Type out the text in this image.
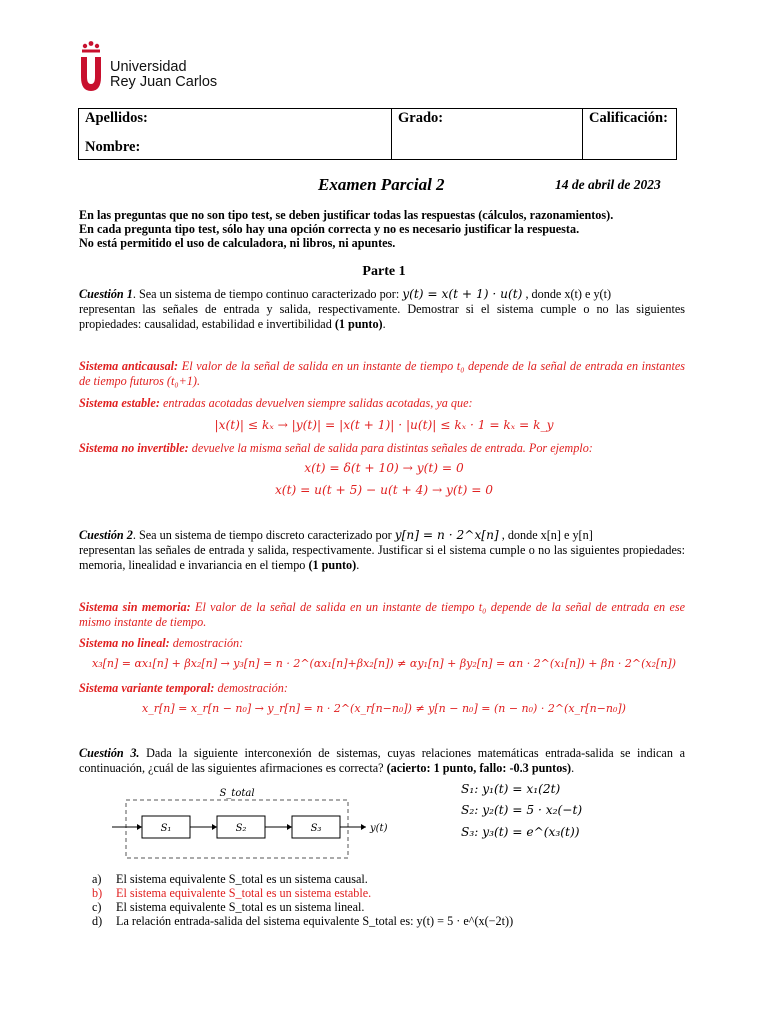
Universidad
Rey Juan Carlos
Apellidos:
Nombre:

Grado:	Calificación:
Examen Parcial 2	14 de abril de 2023
En las preguntas que no son tipo test, se deben justificar todas las respuestas (cálculos, razonamientos).
En cada pregunta tipo test, sólo hay una opción correcta y no es necesario justificar la respuesta.
No está permitido el uso de calculadora, ni libros, ni apuntes.
Parte 1
Cuestión 1. Sea un sistema de tiempo continuo caracterizado por: y(t) = x(t + 1) · u(t) , donde x(t) e y(t)
representan las señales de entrada y salida, respectivamente. Demostrar si el sistema cumple o no las siguientes propiedades: causalidad, estabilidad e invertibilidad (1 punto).
Sistema anticausal: El valor de la señal de salida en un instante de tiempo t₀ depende de la señal de entrada en instantes de tiempo futuros (t₀+1).
Sistema estable: entradas acotadas devuelven siempre salidas acotadas, ya que:
|x(t)| ≤ kₓ → |y(t)| = |x(t + 1)| · |u(t)| ≤ kₓ · 1 = kₓ = k_y
Sistema no invertible: devuelve la misma señal de salida para distintas señales de entrada. Por ejemplo:
x(t) = δ(t + 10) → y(t) = 0
x(t) = u(t + 5) − u(t + 4) → y(t) = 0
Cuestión 2. Sea un sistema de tiempo discreto caracterizado por y[n] = n · 2^x[n] , donde x[n] e y[n]
representan las señales de entrada y salida, respectivamente. Justificar si el sistema cumple o no las siguientes propiedades: memoria, linealidad e invariancia en el tiempo (1 punto).
Sistema sin memoria: El valor de la señal de salida en un instante de tiempo t₀ depende de la señal de entrada en ese mismo instante de tiempo.
Sistema no lineal: demostración:
x₃[n] = αx₁[n] + βx₂[n] → y₃[n] = n · 2^(αx₁[n]+βx₂[n]) ≠ αy₁[n] + βy₂[n] = αn · 2^(x₁[n]) + βn · 2^(x₂[n])
Sistema variante temporal: demostración:
x_r[n] = x_r[n − n₀] → y_r[n] = n · 2^(x_r[n−n₀]) ≠ y[n − n₀] = (n − n₀) · 2^(x_r[n−n₀])
Cuestión 3. Dada la siguiente interconexión de sistemas, cuyas relaciones matemáticas entrada-salida se indican a continuación, ¿cuál de las siguientes afirmaciones es correcta? (acierto: 1 punto, fallo: -0.3 puntos).
S_total
S₁	S₂	S₃	y(t)
S₁: y₁(t) = x₁(2t)
S₂: y₂(t) = 5 · x₂(−t)
S₃: y₃(t) = e^(x₃(t))
a) El sistema equivalente S_total es un sistema causal.
b) El sistema equivalente S_total es un sistema estable.
c) El sistema equivalente S_total es un sistema lineal.
d) La relación entrada-salida del sistema equivalente S_total es: y(t) = 5 · e^(x(−2t))
